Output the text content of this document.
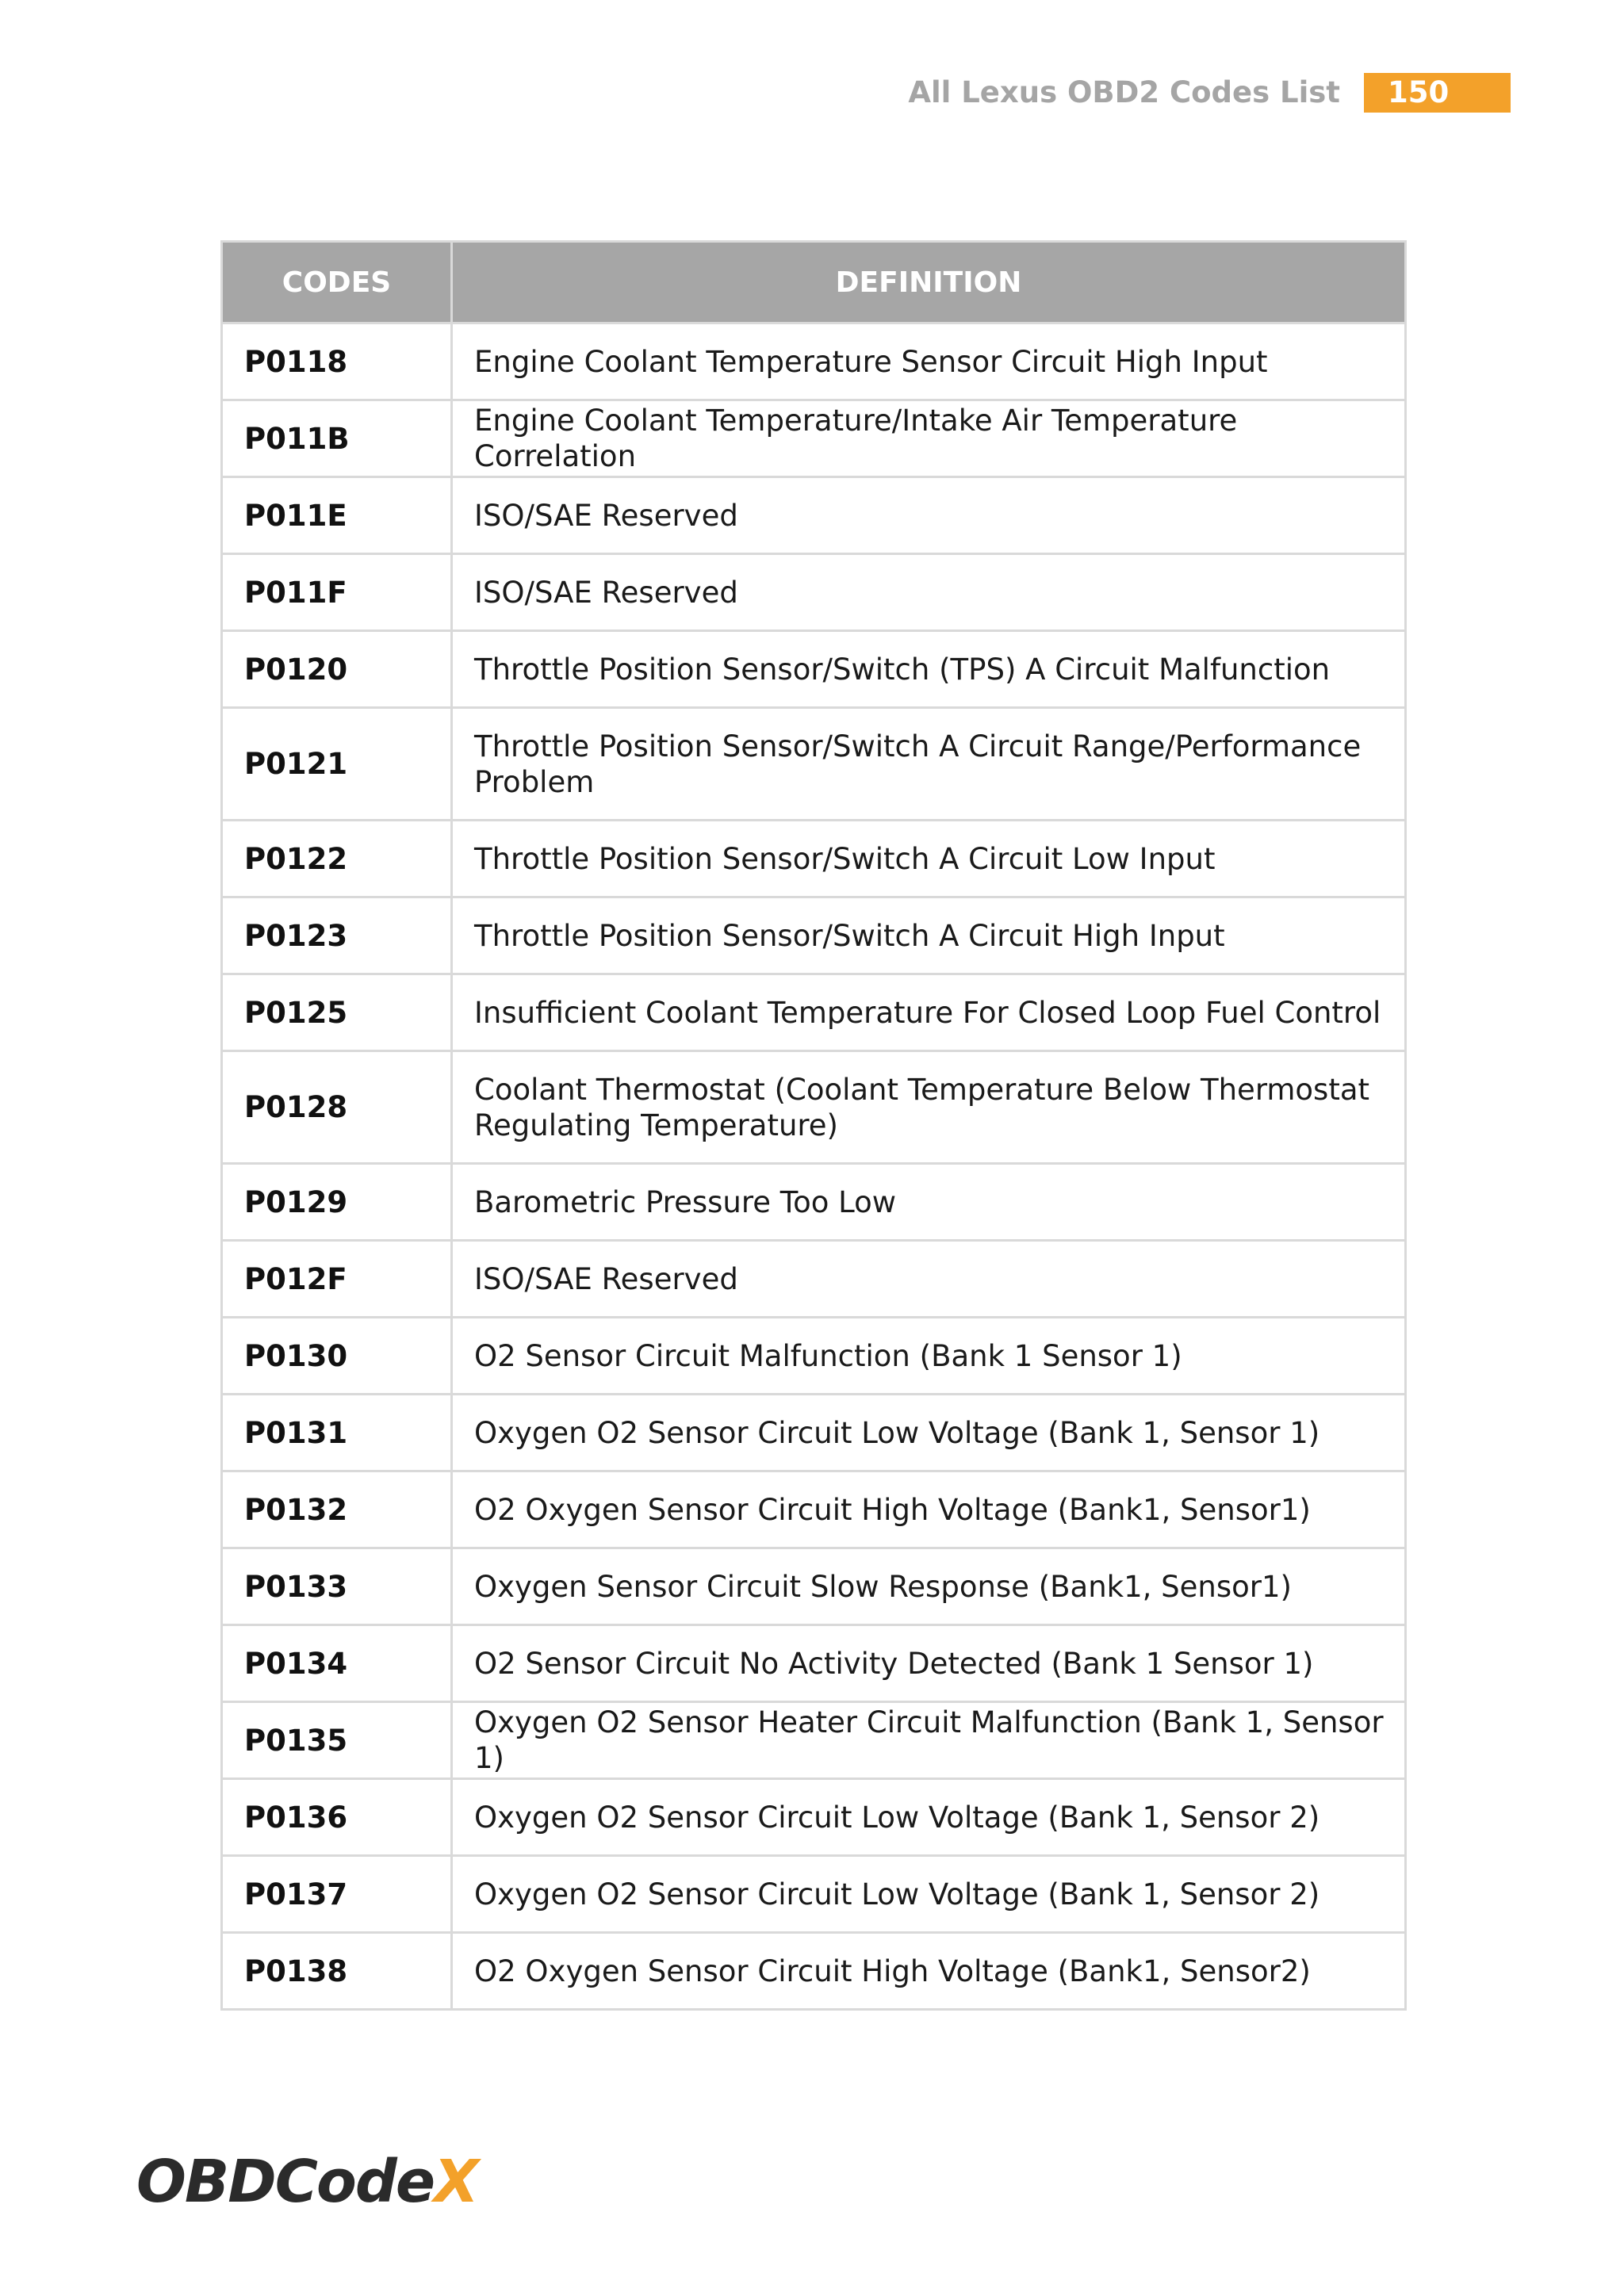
All Lexus OBD2 Codes List	150
CODES	DEFINITION
P0118	Engine Coolant Temperature Sensor Circuit High Input
P011B	Engine Coolant Temperature/Intake Air Temperature Correlation
P011E	ISO/SAE Reserved
P011F	ISO/SAE Reserved
P0120	Throttle Position Sensor/Switch (TPS) A Circuit Malfunction
P0121	Throttle Position Sensor/Switch A Circuit Range/Performance Problem
P0122	Throttle Position Sensor/Switch A Circuit Low Input
P0123	Throttle Position Sensor/Switch A Circuit High Input
P0125	Insufficient Coolant Temperature For Closed Loop Fuel Control
P0128	Coolant Thermostat (Coolant Temperature Below Thermostat Regulating Temperature)
P0129	Barometric Pressure Too Low
P012F	ISO/SAE Reserved
P0130	O2 Sensor Circuit Malfunction (Bank 1 Sensor 1)
P0131	Oxygen O2 Sensor Circuit Low Voltage (Bank 1, Sensor 1)
P0132	O2 Oxygen Sensor Circuit High Voltage (Bank1, Sensor1)
P0133	Oxygen Sensor Circuit Slow Response (Bank1, Sensor1)
P0134	O2 Sensor Circuit No Activity Detected (Bank 1 Sensor 1)
P0135	Oxygen O2 Sensor Heater Circuit Malfunction (Bank 1, Sensor 1)
P0136	Oxygen O2 Sensor Circuit Low Voltage (Bank 1, Sensor 2)
P0137	Oxygen O2 Sensor Circuit Low Voltage (Bank 1, Sensor 2)
P0138	O2 Oxygen Sensor Circuit High Voltage (Bank1, Sensor2)
OBDCodeX
